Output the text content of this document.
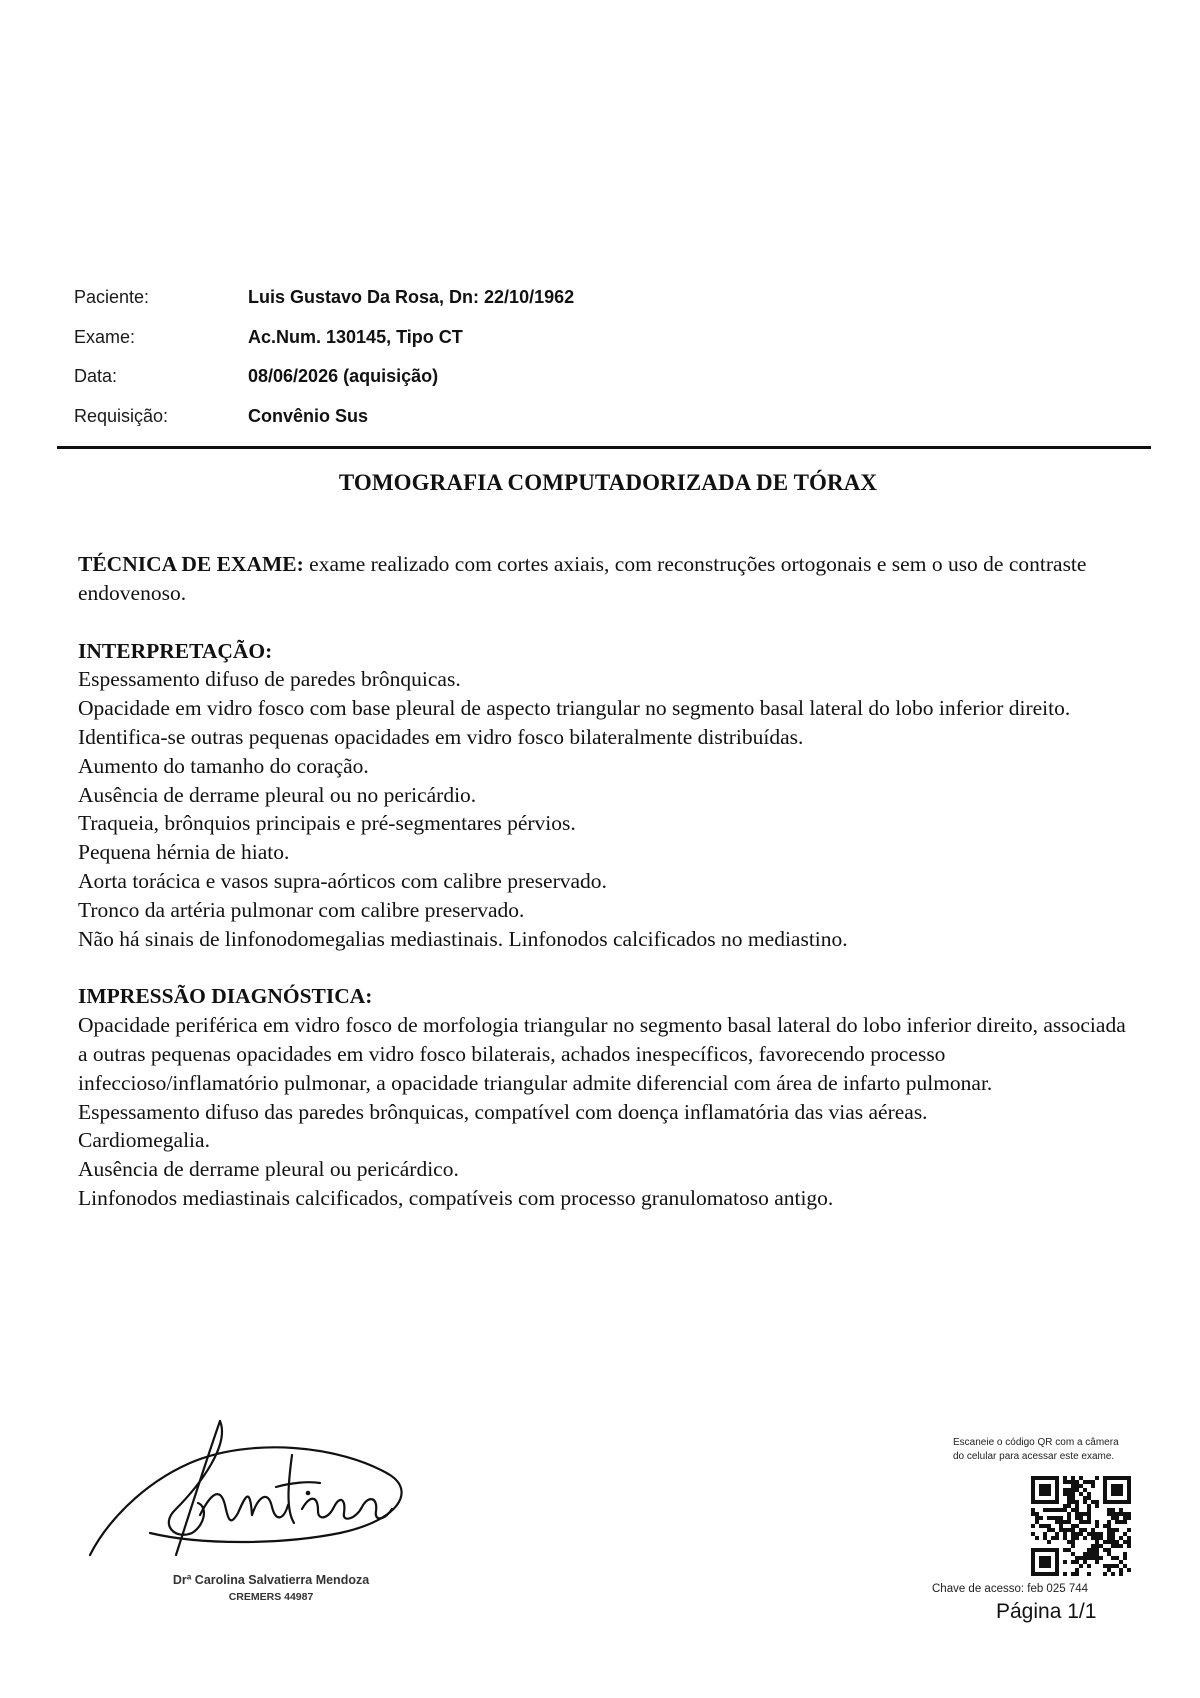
Paciente:	Luis Gustavo Da Rosa, Dn: 22/10/1962
Exame:	Ac.Num. 130145, Tipo CT
Data:	08/06/2026 (aquisição)
Requisição:	Convênio Sus
TOMOGRAFIA COMPUTADORIZADA DE TÓRAX

TÉCNICA DE EXAME: exame realizado com cortes axiais, com reconstruções ortogonais e sem o uso de contraste endovenoso.

INTERPRETAÇÃO:

Espessamento difuso de paredes brônquicas.

Opacidade em vidro fosco com base pleural de aspecto triangular no segmento basal lateral do lobo inferior direito.

Identifica-se outras pequenas opacidades em vidro fosco bilateralmente distribuídas.

Aumento do tamanho do coração.

Ausência de derrame pleural ou no pericárdio.

Traqueia, brônquios principais e pré-segmentares pérvios.

Pequena hérnia de hiato.

Aorta torácica e vasos supra-aórticos com calibre preservado.

Tronco da artéria pulmonar com calibre preservado.

Não há sinais de linfonodomegalias mediastinais. Linfonodos calcificados no mediastino.

IMPRESSÃO DIAGNÓSTICA:

Opacidade periférica em vidro fosco de morfologia triangular no segmento basal lateral do lobo inferior direito, associada a outras pequenas opacidades em vidro fosco bilaterais, achados inespecíficos, favorecendo processo infeccioso/inflamatório pulmonar, a opacidade triangular admite diferencial com área de infarto pulmonar.

Espessamento difuso das paredes brônquicas, compatível com doença inflamatória das vias aéreas.

Cardiomegalia.

Ausência de derrame pleural ou pericárdico.

Linfonodos mediastinais calcificados, compatíveis com processo granulomatoso antigo.

Drª Carolina Salvatierra Mendoza
CREMERS 44987
Escaneie o código QR com a câmera do celular para acessar este exame.
Chave de acesso: feb 025 744
Página 1/1
